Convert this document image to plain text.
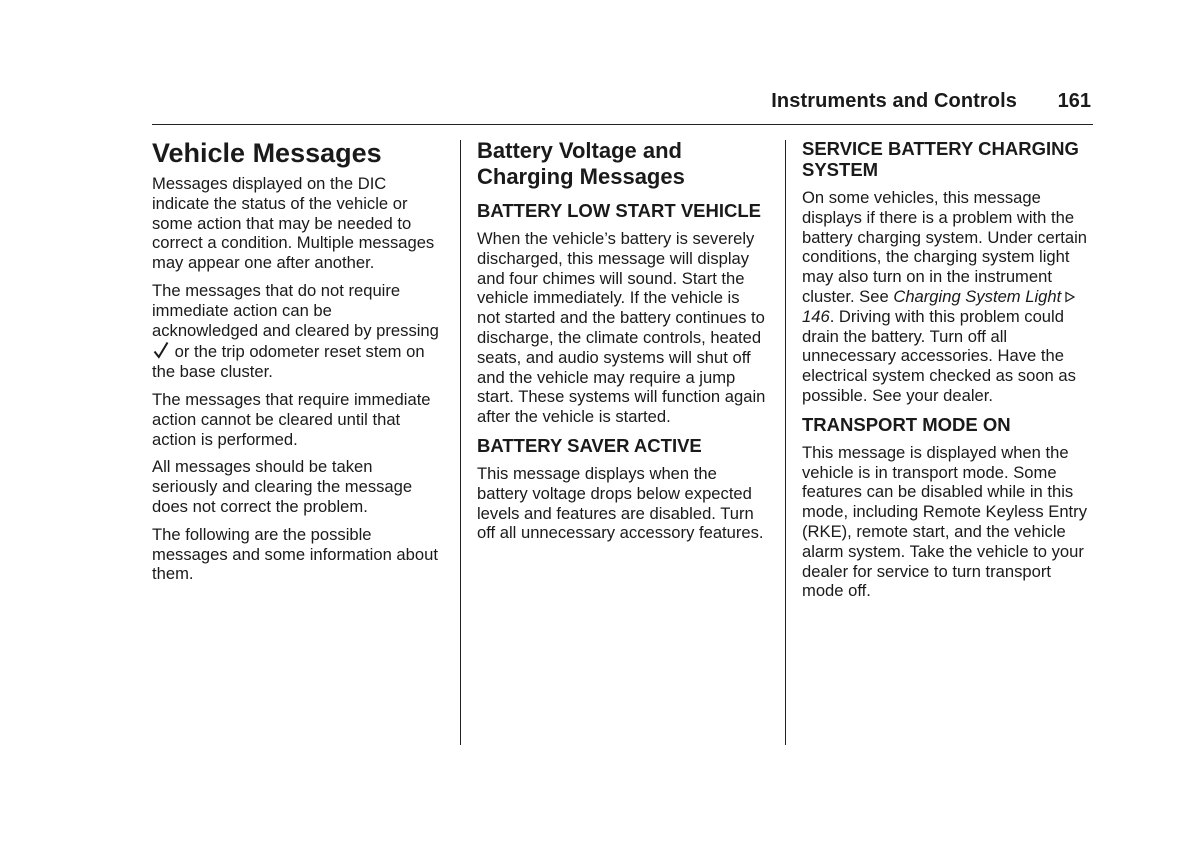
Instruments and Controls 161
Vehicle Messages

Messages displayed on the DIC indicate the status of the vehicle or some action that may be needed to correct a condition. Multiple messages may appear one after another.

The messages that do not require immediate action can be acknowledged and cleared by pressing  or the trip odometer reset stem on the base cluster.

The messages that require immediate action cannot be cleared until that action is performed.

All messages should be taken seriously and clearing the message does not correct the problem.

The following are the possible messages and some information about them.

Battery Voltage and Charging Messages
BATTERY LOW START VEHICLE

When the vehicle’s battery is severely discharged, this message will display and four chimes will sound. Start the vehicle immediately. If the vehicle is not started and the battery continues to discharge, the climate controls, heated seats, and audio systems will shut off and the vehicle may require a jump start. These systems will function again after the vehicle is started.

BATTERY SAVER ACTIVE

This message displays when the battery voltage drops below expected levels and features are disabled. Turn off all unnecessary accessory features.

SERVICE BATTERY CHARGING SYSTEM

On some vehicles, this message displays if there is a problem with the battery charging system. Under certain conditions, the charging system light may also turn on in the instrument cluster. See Charging System Light146. Driving with this problem could drain the battery. Turn off all unnecessary accessories. Have the electrical system checked as soon as possible. See your dealer.

TRANSPORT MODE ON

This message is displayed when the vehicle is in transport mode. Some features can be disabled while in this mode, including Remote Keyless Entry (RKE), remote start, and the vehicle alarm system. Take the vehicle to your dealer for service to turn transport mode off.
